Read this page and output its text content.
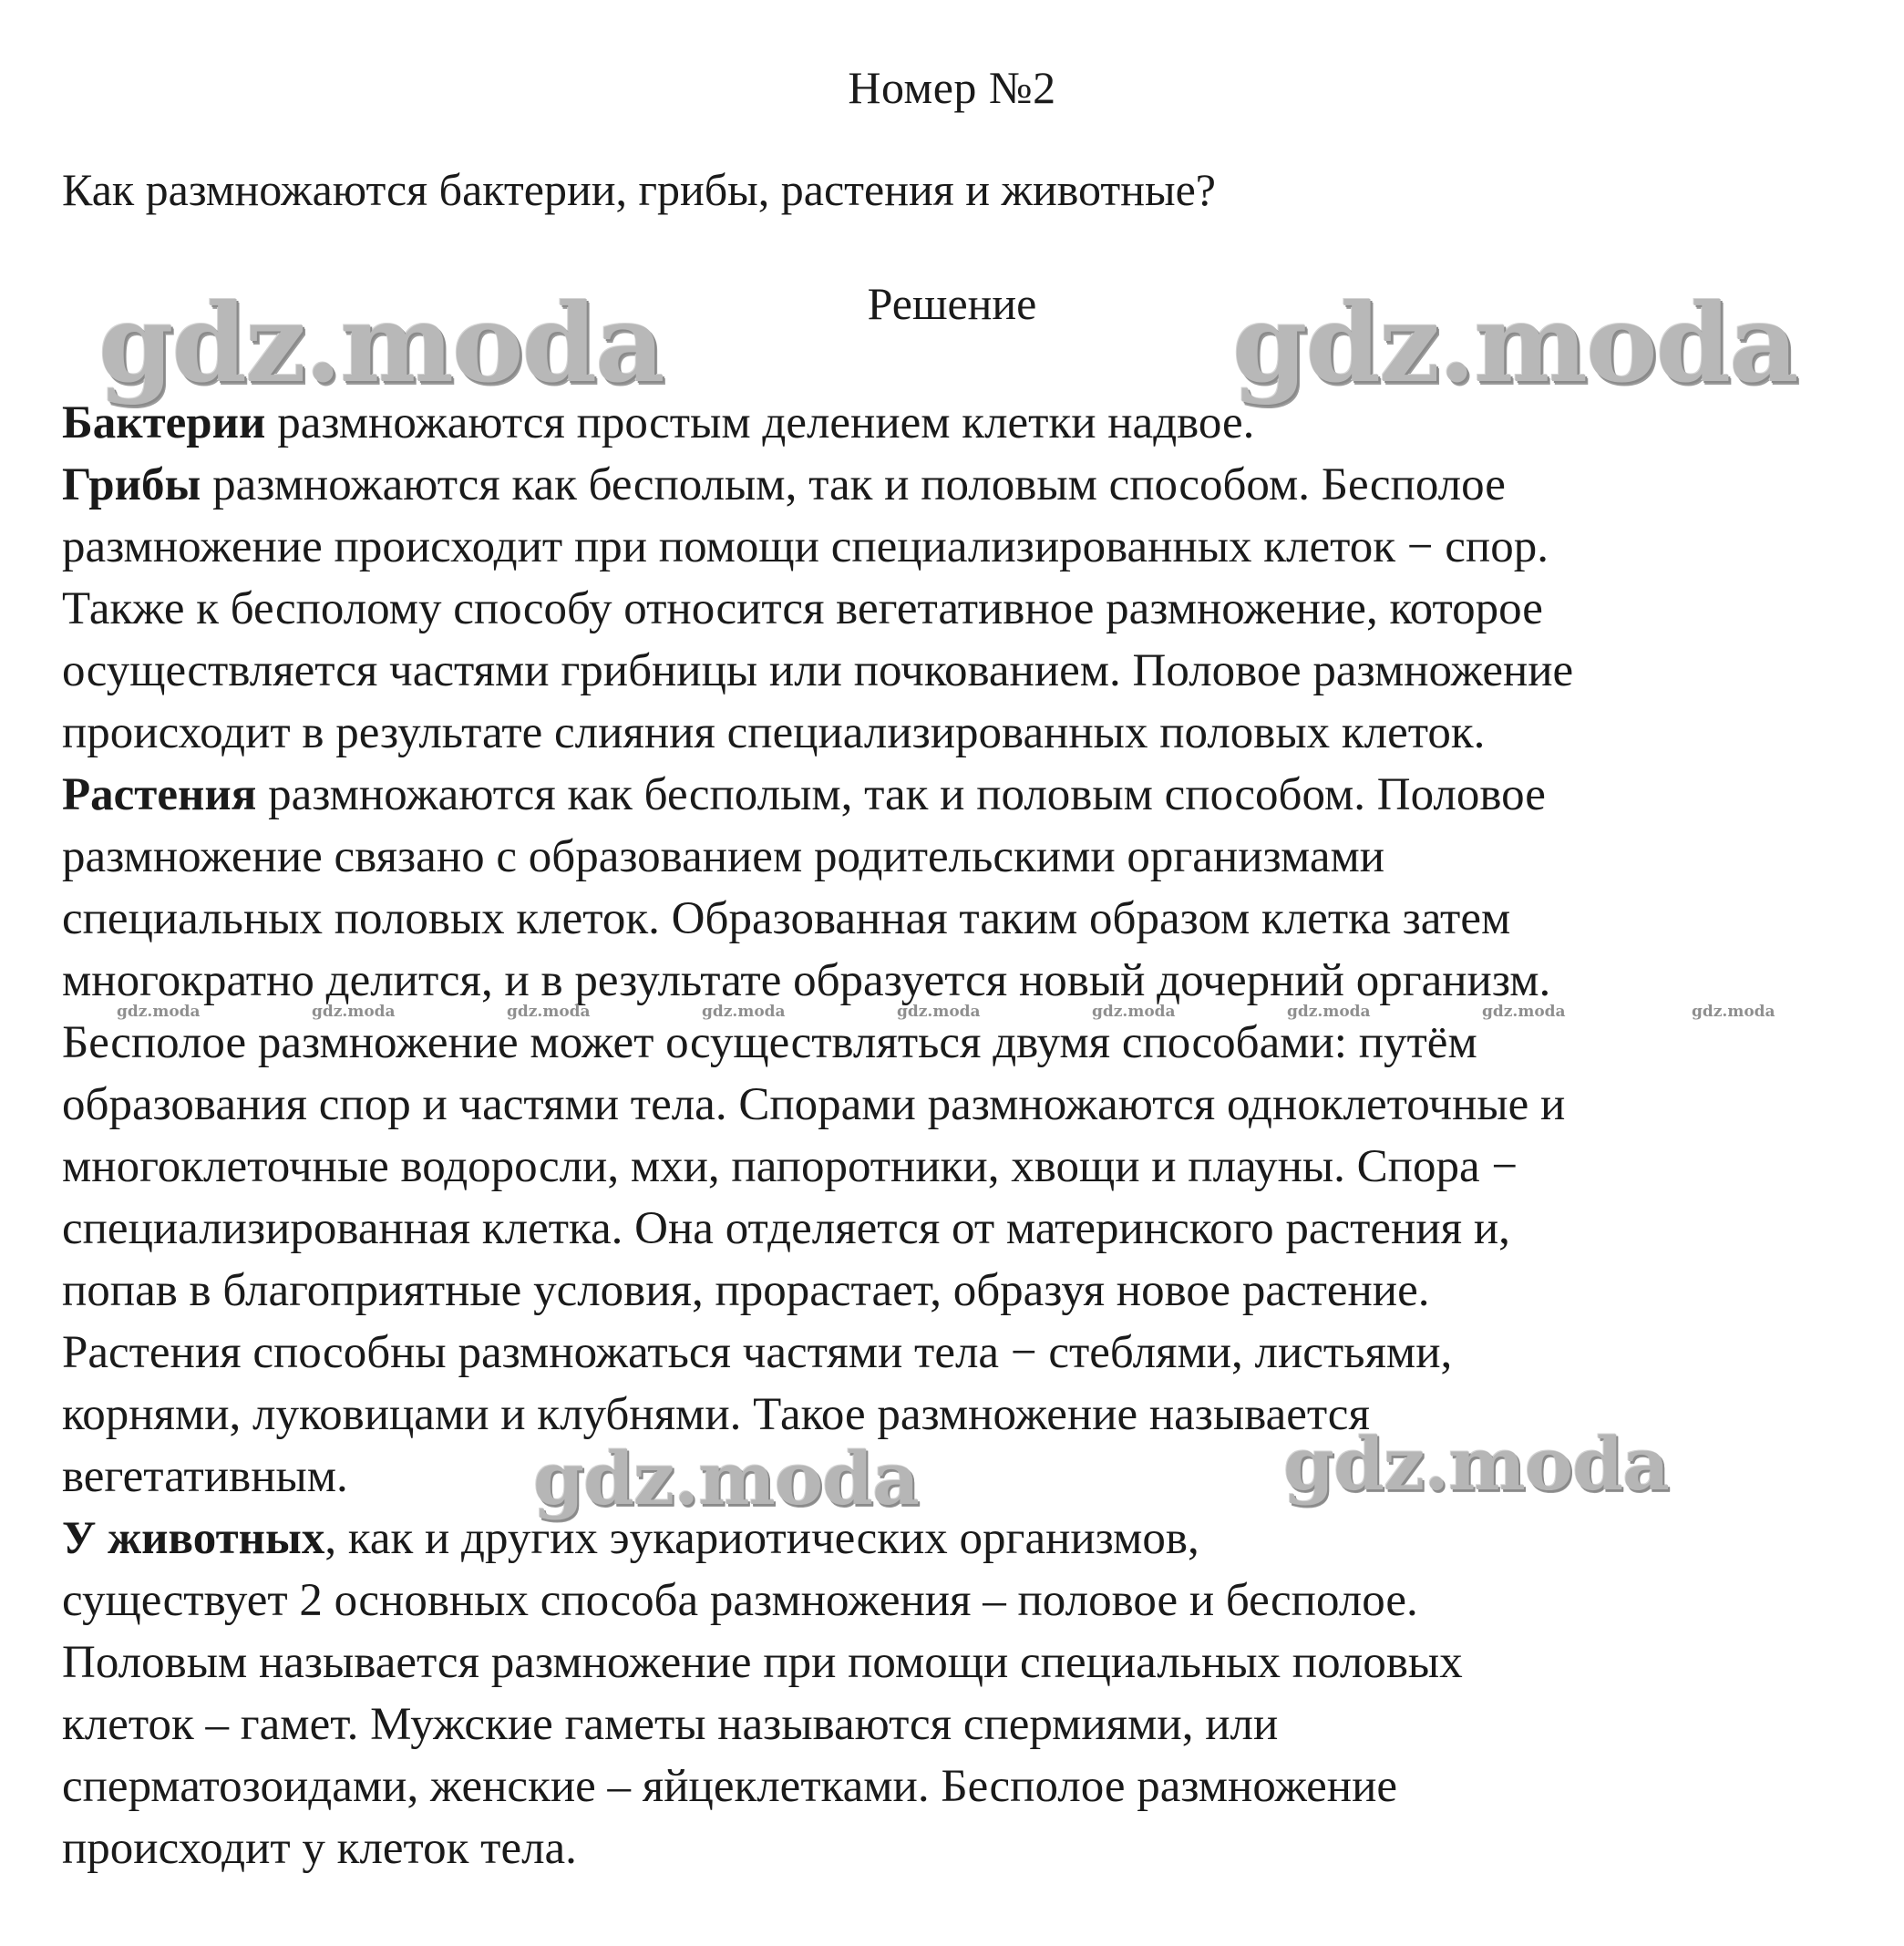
Номер №2
Как размножаются бактерии, грибы, растения и животные?
Решение
Бактерии размножаются простым делением клетки надвое.
Грибы размножаются как бесполым, так и половым способом. Бесполое
размножение происходит при помощи специализированных клеток − спор.
Также к бесполому способу относится вегетативное размножение, которое
осуществляется частями грибницы или почкованием. Половое размножение
происходит в результате слияния специализированных половых клеток.
Растения размножаются как бесполым, так и половым способом. Половое
размножение связано с образованием родительскими организмами
специальных половых клеток. Образованная таким образом клетка затем
многократно делится, и в результате образуется новый дочерний организм.
Бесполое размножение может осуществляться двумя способами: путём
образования спор и частями тела. Спорами размножаются одноклеточные и
многоклеточные водоросли, мхи, папоротники, хвощи и плауны. Спора −
специализированная клетка. Она отделяется от материнского растения и,
попав в благоприятные условия, прорастает, образуя новое растение.
Растения способны размножаться частями тела − стеблями, листьями,
корнями, луковицами и клубнями. Такое размножение называется
вегетативным.
У животных, как и других эукариотических организмов,
существует 2 основных способа размножения – половое и бесполое.
Половым называется размножение при помощи специальных половых
клеток – гамет. Мужские гаметы называются спермиями, или
сперматозоидами, женские – яйцеклетками. Бесполое размножение
происходит у клеток тела.
gdz.moda	gdz.moda
gdz.moda	gdz.moda
gdz.moda	gdz.moda	gdz.moda	gdz.moda	gdz.moda	gdz.moda	gdz.moda	gdz.moda	gdz.moda
